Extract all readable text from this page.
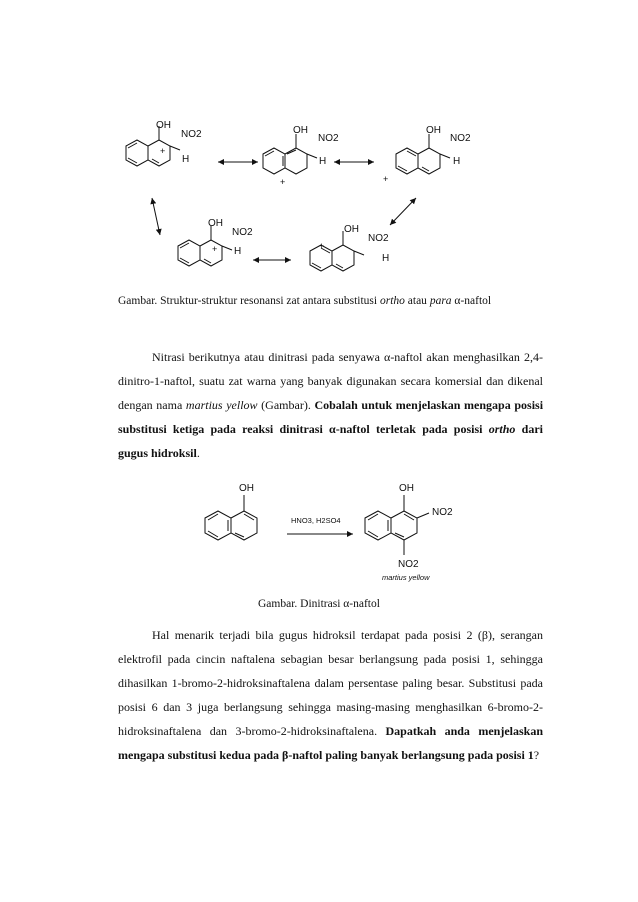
OH
NO2
H
+
OH
NO2
H
+
OH
NO2
H
+
OH
NO2
H
+
OH
NO2
H
+
Gambar. Struktur-struktur resonansi zat antara substitusi ortho atau para α-naftol

Nitrasi berikutnya atau dinitrasi pada senyawa α-naftol akan menghasilkan 2,4-dinitro-1-naftol, suatu zat warna yang banyak digunakan secara komersial dan dikenal dengan nama martius yellow (Gambar). Cobalah untuk menjelaskan mengapa posisi substitusi ketiga pada reaksi dinitrasi α-naftol terletak pada posisi ortho dari gugus hidroksil.

OH
HNO3, H2SO4
OH
NO2
NO2
martius yellow
Gambar. Dinitrasi α-naftol

Hal menarik terjadi bila gugus hidroksil terdapat pada posisi 2 (β), serangan elektrofil pada cincin naftalena sebagian besar berlangsung pada posisi 1, sehingga dihasilkan 1-bromo-2-hidroksinaftalena dalam persentase paling besar. Substitusi pada posisi 6 dan 3 juga berlangsung sehingga masing-masing menghasilkan 6-bromo-2-hidroksinaftalena dan 3-bromo-2-hidroksinaftalena. Dapatkah anda menjelaskan mengapa substitusi kedua pada β-naftol paling banyak berlangsung pada posisi 1?
